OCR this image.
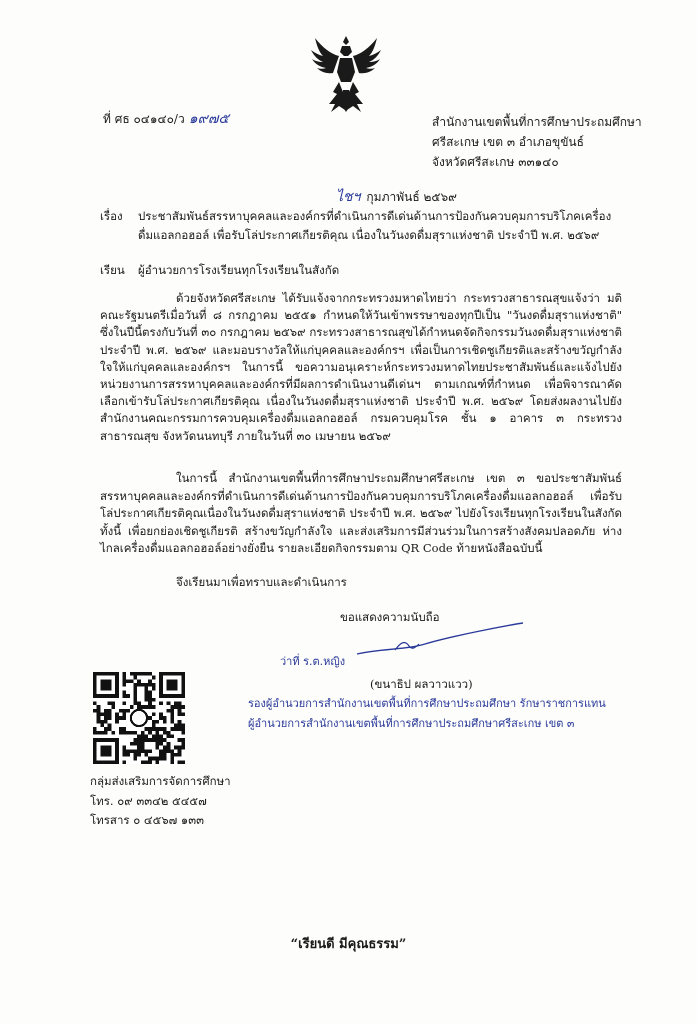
ที่ ศธ ๐๔๑๔๐/ว ๑๙๗๕	สำนักงานเขตพื้นที่การศึกษาประถมศึกษา
ศรีสะเกษ เขต ๓ อำเภอขุขันธ์
จังหวัดศรีสะเกษ ๓๓๑๔๐
ไชฯ กุมภาพันธ์ ๒๕๖๙
เรื่อง ประชาสัมพันธ์สรรหาบุคคลและองค์กรที่ดำเนินการดีเด่นด้านการป้องกันควบคุมการบริโภคเครื่องดื่มแอลกอฮอล์ เพื่อรับโล่ประกาศเกียรติคุณ เนื่องในวันงดดื่มสุราแห่งชาติ ประจำปี พ.ศ. ๒๕๖๙
เรียน ผู้อำนวยการโรงเรียนทุกโรงเรียนในสังกัด

ด้วยจังหวัดศรีสะเกษ ได้รับแจ้งจากกระทรวงมหาดไทยว่า กระทรวงสาธารณสุขแจ้งว่า มติคณะรัฐมนตรีเมื่อวันที่ ๘ กรกฎาคม ๒๕๕๑ กำหนดให้วันเข้าพรรษาของทุกปีเป็น "วันงดดื่มสุราแห่งชาติ" ซึ่งในปีนี้ตรงกับวันที่ ๓๐ กรกฎาคม ๒๕๖๙ กระทรวงสาธารณสุขได้กำหนดจัดกิจกรรมวันงดดื่มสุราแห่งชาติ ประจำปี พ.ศ. ๒๕๖๙ และมอบรางวัลให้แก่บุคคลและองค์กรฯ เพื่อเป็นการเชิดชูเกียรติและสร้างขวัญกำลังใจให้แก่บุคคลและองค์กรฯ ในการนี้ ขอความอนุเคราะห์กระทรวงมหาดไทยประชาสัมพันธ์และแจ้งไปยังหน่วยงานการสรรหาบุคคลและองค์กรที่มีผลการดำเนินงานดีเด่นฯ ตามเกณฑ์ที่กำหนด เพื่อพิจารณาคัดเลือกเข้ารับโล่ประกาศเกียรติคุณ เนื่องในวันงดดื่มสุราแห่งชาติ ประจำปี พ.ศ. ๒๕๖๙ โดยส่งผลงานไปยังสำนักงานคณะกรรมการควบคุมเครื่องดื่มแอลกอฮอล์ กรมควบคุมโรค ชั้น ๑ อาคาร ๓ กระทรวงสาธารณสุข จังหวัดนนทบุรี ภายในวันที่ ๓๐ เมษายน ๒๕๖๙

ในการนี้ สำนักงานเขตพื้นที่การศึกษาประถมศึกษาศรีสะเกษ เขต ๓ ขอประชาสัมพันธ์สรรหาบุคคลและองค์กรที่ดำเนินการดีเด่นด้านการป้องกันควบคุมการบริโภคเครื่องดื่มแอลกอฮอล์ เพื่อรับโล่ประกาศเกียรติคุณเนื่องในวันงดดื่มสุราแห่งชาติ ประจำปี พ.ศ. ๒๕๖๙ ไปยังโรงเรียนทุกโรงเรียนในสังกัด ทั้งนี้ เพื่อยกย่องเชิดชูเกียรติ สร้างขวัญกำลังใจ และส่งเสริมการมีส่วนร่วมในการสร้างสังคมปลอดภัย ห่างไกลเครื่องดื่มแอลกอฮอล์อย่างยั่งยืน รายละเอียดกิจกรรมตาม QR Code ท้ายหนังสือฉบับนี้

จึงเรียนมาเพื่อทราบและดำเนินการ
ขอแสดงความนับถือ
ว่าที่ ร.ต.หญิง
(ขนาธิป ผลวาวแวว)
รองผู้อำนวยการสำนักงานเขตพื้นที่การศึกษาประถมศึกษา รักษาราชการแทน
ผู้อำนวยการสำนักงานเขตพื้นที่การศึกษาประถมศึกษาศรีสะเกษ เขต ๓
กลุ่มส่งเสริมการจัดการศึกษา
โทร. ๐๙ ๓๓๔๒ ๕๔๕๗
โทรสาร ๐ ๔๕๖๗ ๑๓๓
“เรียนดี มีคุณธรรม”
